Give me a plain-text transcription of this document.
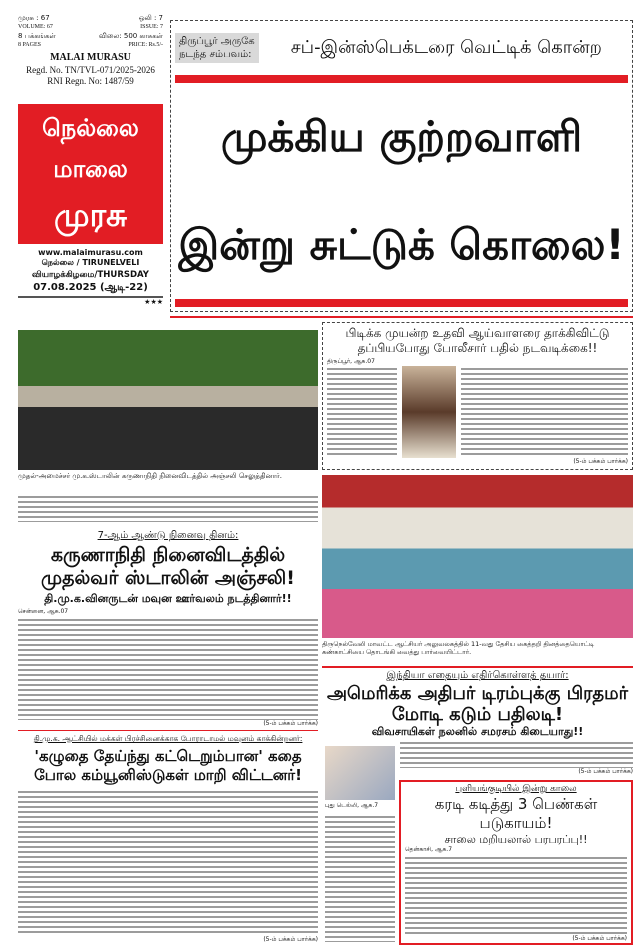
முரசு : 67	ஒலி : 7
VOLUME: 67	ISSUE: 7
8 பக்கங்கள்	விலை: 500 காசுகள்
8 PAGES	PRICE: Rs.5/-
MALAI MURASU
Regd. No. TN/TVL-071/2025-2026
RNI Regn. No: 1487/59
நெல்லை
மாலை
முரசு
www.malaimurasu.com
நெல்லை / TIRUNELVELI
வியாழக்கிழமை/THURSDAY
07.08.2025 (ஆடி-22)
★★★
திருப்பூர் அருகே
நடந்த சம்பவம்:	சப்-இன்ஸ்பெக்டரை வெட்டிக் கொன்ற
முக்கிய குற்றவாளி
இன்று சுட்டுக் கொலை!
முதல்-அமைச்சர் மு.க.ஸ்டாலின் கருணாநிதி நினைவிடத்தில் அஞ்சலி செலுத்தினார்.
பிடிக்க முயன்ற உதவி ஆய்வாளரை தாக்கிவிட்டு தப்பியபோது போலீசார் பதில் நடவடிக்கை!!
திருப்பூர், ஆக.07
(5-ம் பக்கம் பார்க்க)
திருநெல்வேலி மாவட்ட ஆட்சியர் அலுவலகத்தில் 11-வது தேசிய கைத்தறி தினத்தையொட்டி கண்காட்சியை தொடங்கி வைத்து பார்வையிட்டார்.
7-ஆம் ஆண்டு நினைவு தினம்:
கருணாநிதி நினைவிடத்தில் முதல்வர் ஸ்டாலின் அஞ்சலி!
தி.மு.க.வினருடன் மவுன ஊர்வலம் நடத்தினார்!!
சென்னை, ஆக.07
(5-ம் பக்கம் பார்க்க)
தி.மு.க. ஆட்சியில் மக்கள் பிரச்சினைக்காக போராடாமல் மவுனம் காக்கின்றனர்:
'கழுதை தேய்ந்து கட்டெறும்பான' கதை போல கம்யூனிஸ்டுகள் மாறி விட்டனர்!
(5-ம் பக்கம் பார்க்க)
இந்தியா எதையும் எதிர்கொள்ளத் தயார்:
அமெரிக்க அதிபர் டிரம்புக்கு பிரதமர் மோடி கடும் பதிலடி!
விவசாயிகள் நலனில் சமரசம் கிடையாது!!
(5-ம் பக்கம் பார்க்க)
புது டெல்லி, ஆக.7
புளியங்குடியில் இன்று காலை
கரடி கடித்து 3 பெண்கள் படுகாயம்!
சாலை மறியலால் பரபரப்பு!!
தென்காசி, ஆக.7
(5-ம் பக்கம் பார்க்க)
